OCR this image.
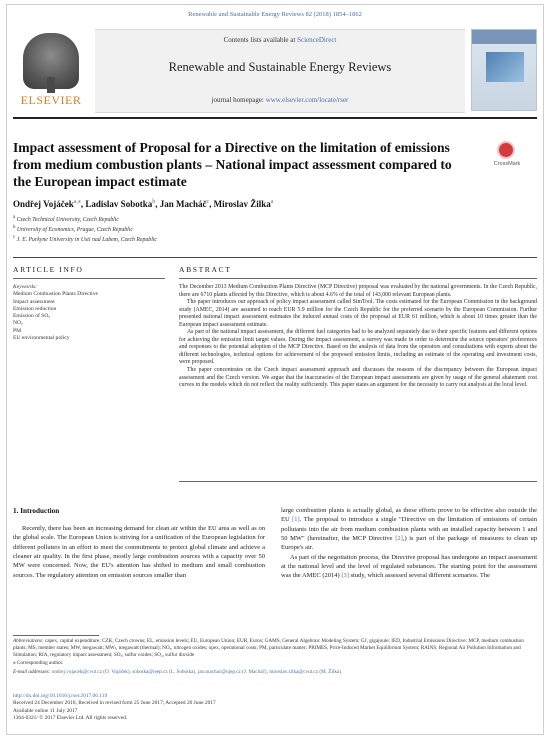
Renewable and Sustainable Energy Reviews 82 (2018) 1854–1862
ELSEVIER
Contents lists available at ScienceDirect
Renewable and Sustainable Energy Reviews
journal homepage: www.elsevier.com/locate/rser
Impact assessment of Proposal for a Directive on the limitation of emissions from medium combustion plants – National impact assessment compared to the European impact estimate
CrossMark
Ondřej Vojáček$^{a,⁎}$, Ladislav Sobotka$^b$, Jan Macháč$^c$, Miroslav Žilka$^a$
$^a$ Czech Technical University, Czech Republic
$^b$ University of Economics, Prague, Czech Republic
$^c$ J. E. Purkyne University in Usti nad Labem, Czech Republic
ARTICLE INFO	ABSTRACT
Keywords:
Medium Combustion Plants Directive
Impact assessment
Emission reduction
Emission of SOₓ
NOₓ
PM
EU environmental policy

The December 2013 Medium Combustion Plants Directive (MCP Directive) proposal was evaluated by the national governments. In the Czech Republic, there are 6710 plants affected by this Directive, which is about 4.6% of the total of 143,000 relevant European plants.

The paper introduces our approach of policy impact assessment called SimTool. The costs estimated for the European Commission in the background study (AMEC, 2014) are assumed to reach EUR 5.9 million for the Czech Republic for the preferred scenario by the European Commission. Further presented national impact assessment estimates the induced annual costs of the proposal at EUR 61 million, which is about 10 times greater than the European impact assessment estimate.

As part of the national impact assessment, the different fuel categories had to be analyzed separately due to their specific features and different options for achieving the emission limit target values. During the impact assessment, a survey was made in order to determine the source operators' preferences and responses to the potential adoption of the MCP Directive. Based on the analysis of data from the operators and consultations with experts about the different technologies, technical options for achievement of the proposed emission limits, including an estimate of the operating and investment costs, were proposed.

The paper concentrates on the Czech impact assessment approach and discusses the reasons of the discrepancy between the European impact assessment and the Czech version. We argue that the inaccuracies of the European impact assessments are given by usage of the general abatement cost curves in the models which do not reflect the reality sufficiently. This paper states an argument for the necessity to carry out analysis at the local level.

1. Introduction

Recently, there has been an increasing demand for clean air within the EU area as well as on the global scale. The European Union is striving for a unification of the European legislation for different polluters in an effort to meet the commitments to protect global climate and achieve a cleaner air quality. In the first phase, mostly large combustion sources with a capacity over 50 MW were concerned. Now, the EU's attention has shifted to medium and small combustion sources. The regulatory attention on emission sources smaller than

large combustion plants is actually global, as these efforts prove to be effective also outside the EU [1]. The proposal to introduce a single "Directive on the limitation of emissions of certain pollutants into the air from medium combustion plants with an installed capacity between 1 and 50 MW" (hereinafter, the MCP Directive [2],) is part of the package of measures to clean up Europe's air.

As part of the negotiation process, the Directive proposal has undergone an impact assessment at the national level and the level of regulated substances. The starting point for the assessment was the AMEC (2014) [3] study, which assessed several different scenarios. The

Abbreviations: capex, capital expenditure; CZK, Czech crowns; EL, emission levels; EU, European Union; EUR, Euros; GAMS, General Algebraic Modeling System; GJ, gigajoule; IED, Industrial Emissions Directive; MCP, medium combustion plants; MS, member states; MW, megawatt; MWₜ, megawatt (thermal); NOₓ, nitrogen oxides; opex, operational costs; PM, particulate matter; PRIMES, Price-Induced Market Equilibrium System; RAINS, Regional Air Pollution Information and Simulation; RIA, regulatory impact assessment; SOₓ, sulfur oxides; SO₂, sulfur dioxide

⁎ Corresponding author.

E-mail addresses: ondrej.vojacek@cvut.cz (O. Vojáček), sobotka@ieep.cz (L. Sobotka), jan.machac@ujep.cz (J. Macháč), miroslav.zilka@cvut.cz (M. Žilka).

http://dx.doi.org/10.1016/j.rser.2017.06.119
Received 24 December 2016; Received in revised form 25 June 2017; Accepted 26 June 2017
Available online 11 July 2017
1364-0321/ © 2017 Elsevier Ltd. All rights reserved.
